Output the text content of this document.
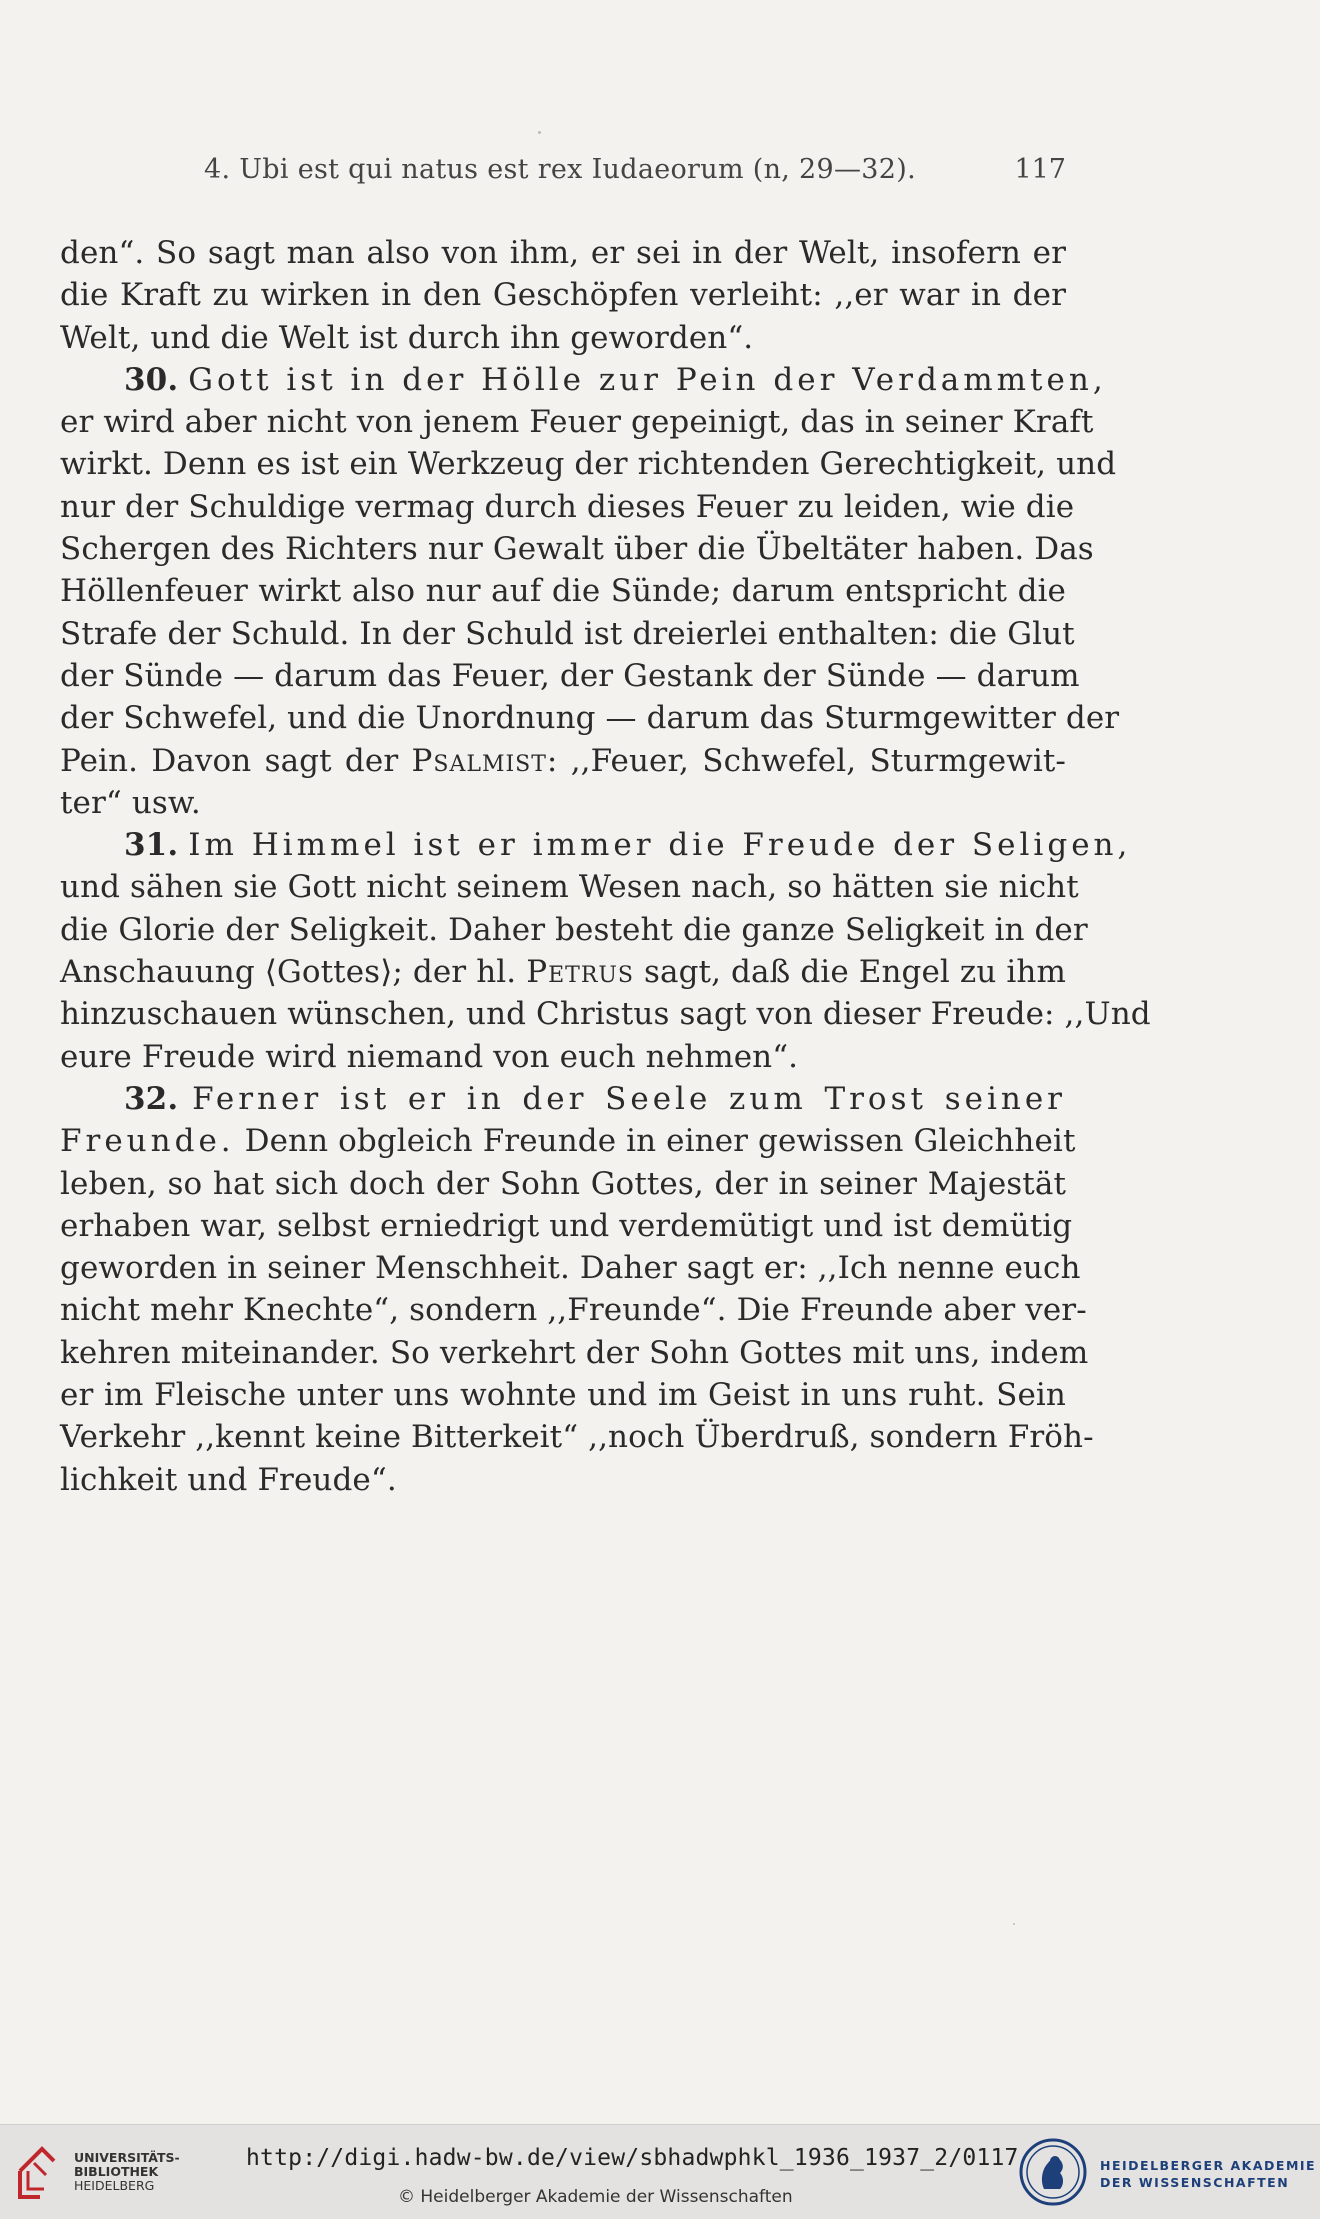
4. Ubi est qui natus est rex Iudaeorum (n, 29—32).	117
den“. So sagt man also von ihm, er sei in der Welt, insofern er
die Kraft zu wirken in den Geschöpfen verleiht: ,,er war in der
Welt, und die Welt ist durch ihn geworden“.
30. Gott ist in der Hölle zur Pein der Verdammten,
er wird aber nicht von jenem Feuer gepeinigt, das in seiner Kraft
wirkt. Denn es ist ein Werkzeug der richtenden Gerechtigkeit, und
nur der Schuldige vermag durch dieses Feuer zu leiden, wie die
Schergen des Richters nur Gewalt über die Übeltäter haben. Das
Höllenfeuer wirkt also nur auf die Sünde; darum entspricht die
Strafe der Schuld. In der Schuld ist dreierlei enthalten: die Glut
der Sünde — darum das Feuer, der Gestank der Sünde — darum
der Schwefel, und die Unordnung — darum das Sturmgewitter der
Pein. Davon sagt der Psalmist: ,,Feuer, Schwefel, Sturmgewit-
ter“ usw.
31. Im Himmel ist er immer die Freude der Seligen,
und sähen sie Gott nicht seinem Wesen nach, so hätten sie nicht
die Glorie der Seligkeit. Daher besteht die ganze Seligkeit in der
Anschauung ⟨Gottes⟩; der hl. Petrus sagt, daß die Engel zu ihm
hinzuschauen wünschen, und Christus sagt von dieser Freude: ,,Und
eure Freude wird niemand von euch nehmen“.
32. Ferner ist er in der Seele zum Trost seiner
Freunde. Denn obgleich Freunde in einer gewissen Gleichheit
leben, so hat sich doch der Sohn Gottes, der in seiner Majestät
erhaben war, selbst erniedrigt und verdemütigt und ist demütig
geworden in seiner Menschheit. Daher sagt er: ,,Ich nenne euch
nicht mehr Knechte“, sondern ,,Freunde“. Die Freunde aber ver-
kehren miteinander. So verkehrt der Sohn Gottes mit uns, indem
er im Fleische unter uns wohnte und im Geist in uns ruht. Sein
Verkehr ,,kennt keine Bitterkeit“ ,,noch Überdruß, sondern Fröh-
lichkeit und Freude“.
UNIVERSITÄTS-
BIBLIOTHEK
HEIDELBERG
http://digi.hadw-bw.de/view/sbhadwphkl_1936_1937_2/0117
© Heidelberger Akademie der Wissenschaften
HEIDELBERGER AKADEMIE
DER WISSENSCHAFTEN
